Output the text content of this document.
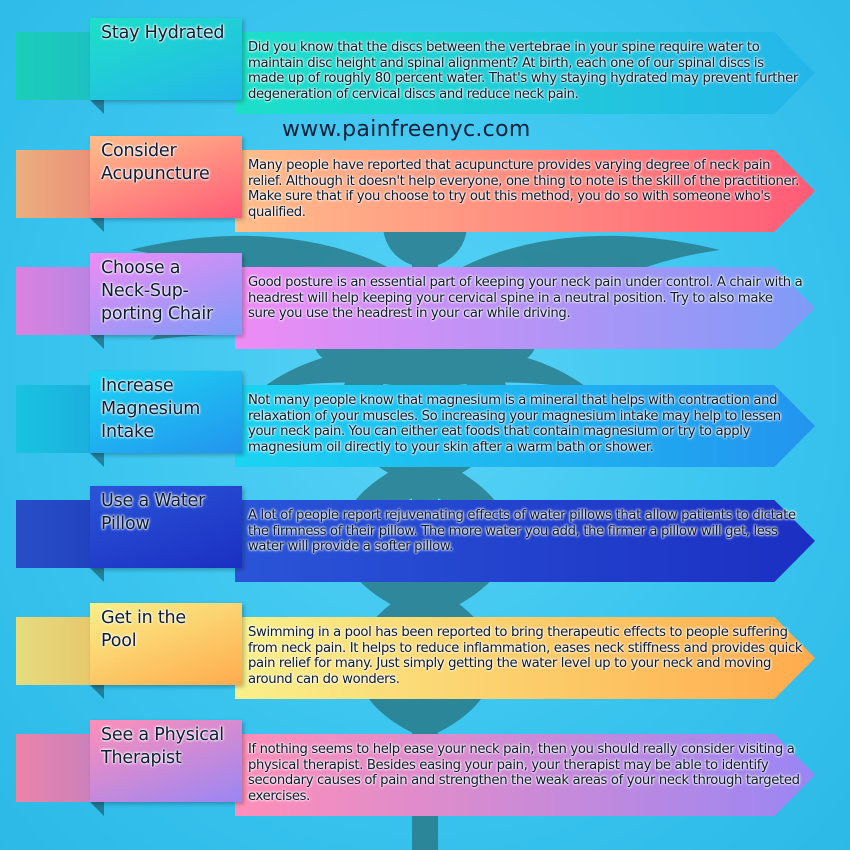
www.painfreenyc.com
Stay Hydrated
Did you know that the discs between the vertebrae in your spine require water to maintain disc height and spinal alignment? At birth, each one of our spinal discs is made up of roughly 80 percent water. That's why staying hydrated may prevent further degeneration of cervical discs and reduce neck pain.
Consider
Acupuncture	Many people have reported that acupuncture provides varying degree of neck pain relief. Although it doesn't help everyone, one thing to note is the skill of the practitioner. Make sure that if you choose to try out this method, you do so with someone who's qualified.
Choose a
Neck-Sup-
porting Chair
Good posture is an essential part of keeping your neck pain under control. A chair with a headrest will help keeping your cervical spine in a neutral position. Try to also make sure you use the headrest in your car while driving.
Increase
Magnesium
Intake
Not many people know that magnesium is a mineral that helps with contraction and relaxation of your muscles. So increasing your magnesium intake may help to lessen your neck pain. You can either eat foods that contain magnesium or try to apply magnesium oil directly to your skin after a warm bath or shower.
Use a Water
Pillow	A lot of people report rejuvenating effects of water pillows that allow patients to dictate the firmness of their pillow. The more water you add, the firmer a pillow will get, less water will provide a softer pillow.
Get in the
Pool	Swimming in a pool has been reported to bring therapeutic effects to people suffering from neck pain. It helps to reduce inflammation, eases neck stiffness and provides quick pain relief for many. Just simply getting the water level up to your neck and moving around can do wonders.
See a Physical
Therapist	If nothing seems to help ease your neck pain, then you should really consider visiting a physical therapist. Besides easing your pain, your therapist may be able to identify secondary causes of pain and strengthen the weak areas of your neck through targeted exercises.
